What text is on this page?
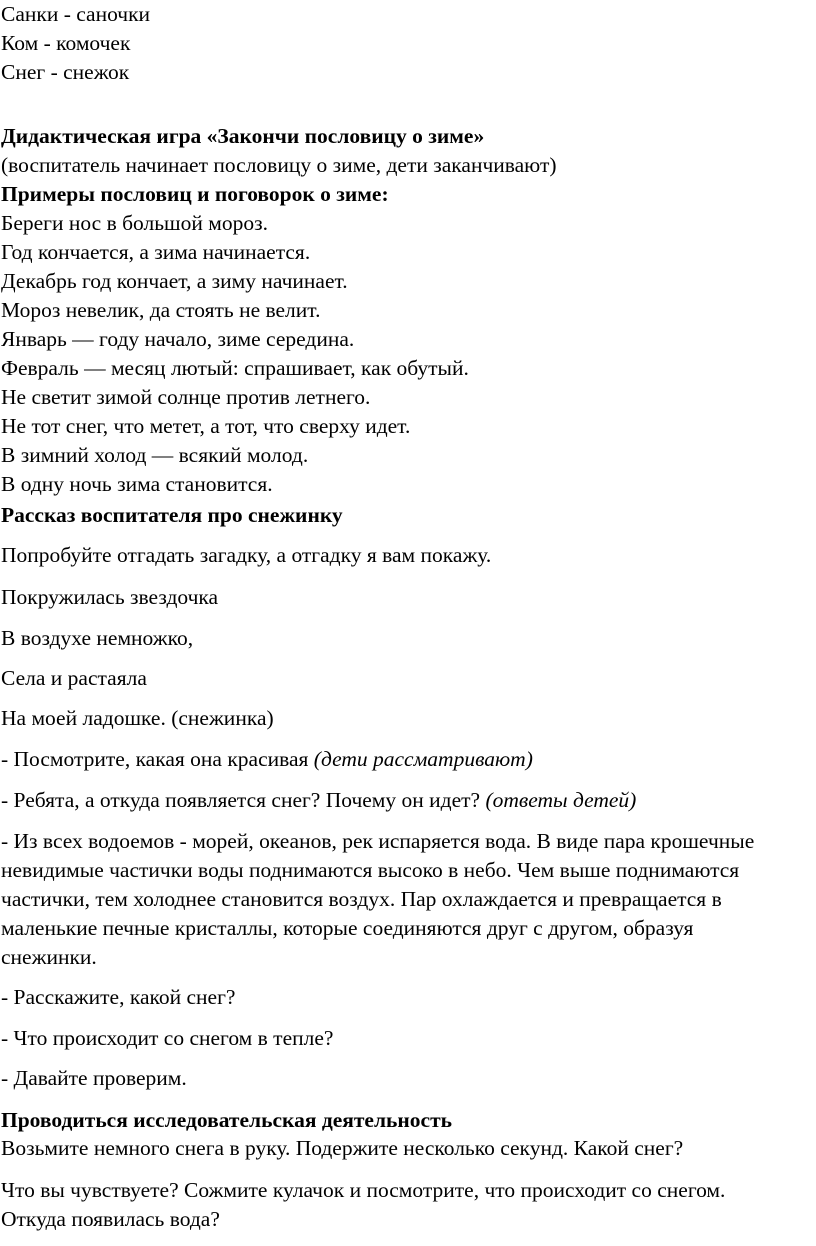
Санки - саночки
Ком - комочек
Снег - снежок
Дидактическая игра «Закончи пословицу о зиме»
(воспитатель начинает пословицу о зиме, дети заканчивают)
Примеры пословиц и поговорок о зиме:
Береги нос в большой мороз.
Год кончается, а зима начинается.
Декабрь год кончает, а зиму начинает.
Мороз невелик, да стоять не велит.
Январь — году начало, зиме середина.
Февраль — месяц лютый: спрашивает, как обутый.
Не светит зимой солнце против летнего.
Не тот снег, что метет, а тот, что сверху идет.
В зимний холод — всякий молод.
В одну ночь зима становится.
Рассказ воспитателя про снежинку
Попробуйте отгадать загадку, а отгадку я вам покажу.
Покружилась звездочка
В воздухе немножко,
Села и растаяла
На моей ладошке. (снежинка)
- Посмотрите, какая она красивая (дети рассматривают)
- Ребята, а откуда появляется снег? Почему он идет? (ответы детей)

- Из всех водоемов - морей, океанов, рек испаряется вода. В виде пара крошечные невидимые частички воды поднимаются высоко в небо. Чем выше поднимаются частички, тем холоднее становится воздух. Пар охлаждается и превращается в маленькие печные кристаллы, которые соединяются друг с другом, образуя снежинки.

- Расскажите, какой снег?
- Что происходит со снегом в тепле?
- Давайте проверим.
Проводиться исследовательская деятельность
Возьмите немного снега в руку. Подержите несколько секунд. Какой снег?

Что вы чувствуете? Сожмите кулачок и посмотрите, что происходит со снегом. Откуда появилась вода?
